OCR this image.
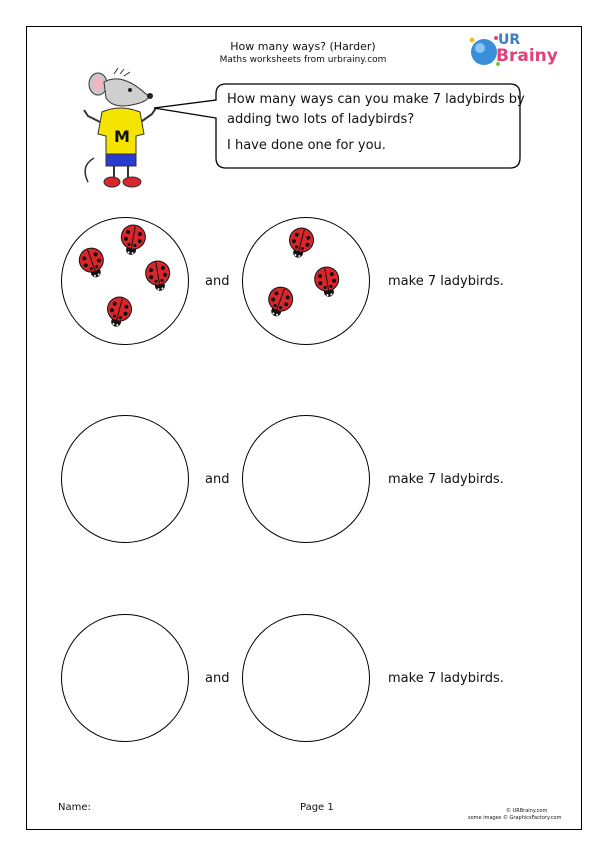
How many ways? (Harder)
Maths worksheets from urbrainy.com
UR
Brainy
M
How many ways can you make 7 ladybirds by
adding two lots of ladybirds?
I have done one for you.
and	make 7 ladybirds.
and	make 7 ladybirds.
and	make 7 ladybirds.
Name:	Page 1	© URBrainy.com
some images © GraphicsFactory.com
